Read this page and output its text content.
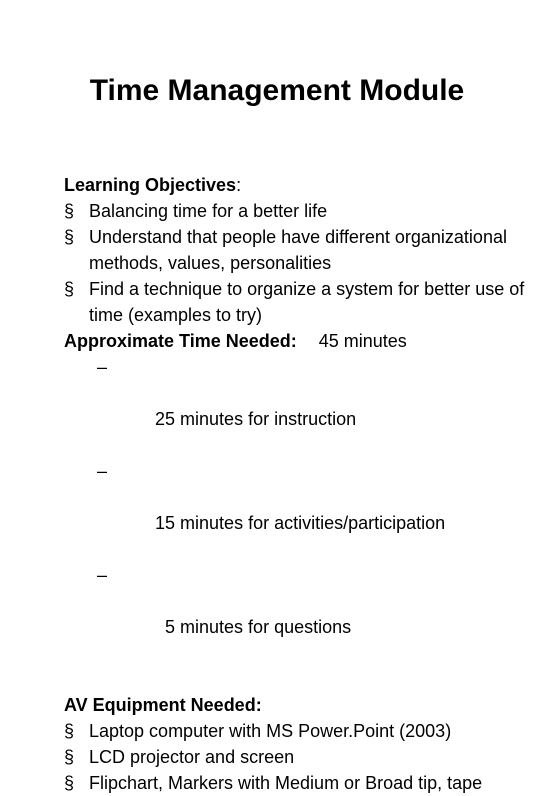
Time Management Module
Learning Objectives:
§ Balancing time for a better life
§ Understand that people have different organizational methods, values, personalities
§ Find a technique to organize a system for better use of time (examples to try)
Approximate Time Needed: 45 minutes

–

25 minutes for instruction

–

15 minutes for activities/participation

–

5 minutes for questions

AV Equipment Needed:
§ Laptop computer with MS Power.Point (2003)
§ LCD projector and screen
§ Flipchart, Markers with Medium or Broad tip, tape
